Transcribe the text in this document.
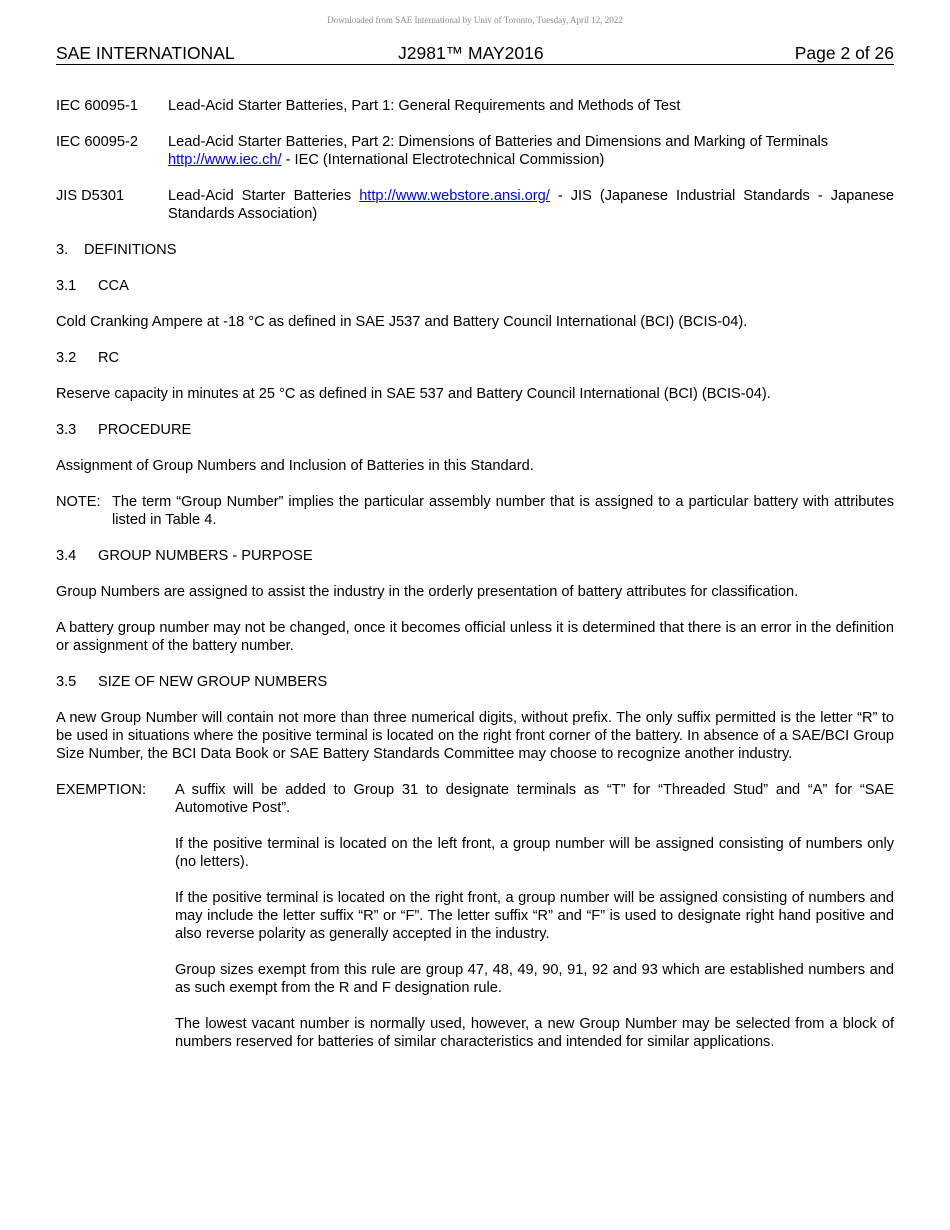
Downloaded from SAE International by Univ of Toronto, Tuesday, April 12, 2022
SAE INTERNATIONAL	J2981™ MAY2016	Page 2 of 26
IEC 60095-1	Lead-Acid Starter Batteries, Part 1: General Requirements and Methods of Test
IEC 60095-2	Lead-Acid Starter Batteries, Part 2: Dimensions of Batteries and Dimensions and Marking of Terminals
http://www.iec.ch/ - IEC (International Electrotechnical Commission)
JIS D5301	Lead-Acid Starter Batteries http://www.webstore.ansi.org/ - JIS (Japanese Industrial Standards - Japanese Standards Association)
3.	DEFINITIONS
3.1	CCA

Cold Cranking Ampere at -18 °C as defined in SAE J537 and Battery Council International (BCI) (BCIS-04).

3.2	RC

Reserve capacity in minutes at 25 °C as defined in SAE 537 and Battery Council International (BCI) (BCIS-04).

3.3	PROCEDURE

Assignment of Group Numbers and Inclusion of Batteries in this Standard.

NOTE: The term “Group Number” implies the particular assembly number that is assigned to a particular battery with attributes listed in Table 4.
3.4	GROUP NUMBERS - PURPOSE

Group Numbers are assigned to assist the industry in the orderly presentation of battery attributes for classification.

A battery group number may not be changed, once it becomes official unless it is determined that there is an error in the definition or assignment of the battery number.

3.5	SIZE OF NEW GROUP NUMBERS

A new Group Number will contain not more than three numerical digits, without prefix. The only suffix permitted is the letter “R” to be used in situations where the positive terminal is located on the right front corner of the battery. In absence of a SAE/BCI Group Size Number, the BCI Data Book or SAE Battery Standards Committee may choose to recognize another industry.

EXEMPTION:	A suffix will be added to Group 31 to designate terminals as “T” for “Threaded Stud” and “A” for “SAE Automotive Post”.

If the positive terminal is located on the left front, a group number will be assigned consisting of numbers only (no letters).

If the positive terminal is located on the right front, a group number will be assigned consisting of numbers and may include the letter suffix “R” or “F”. The letter suffix “R” and “F” is used to designate right hand positive and also reverse polarity as generally accepted in the industry.

Group sizes exempt from this rule are group 47, 48, 49, 90, 91, 92 and 93 which are established numbers and as such exempt from the R and F designation rule.

The lowest vacant number is normally used, however, a new Group Number may be selected from a block of numbers reserved for batteries of similar characteristics and intended for similar applications.
